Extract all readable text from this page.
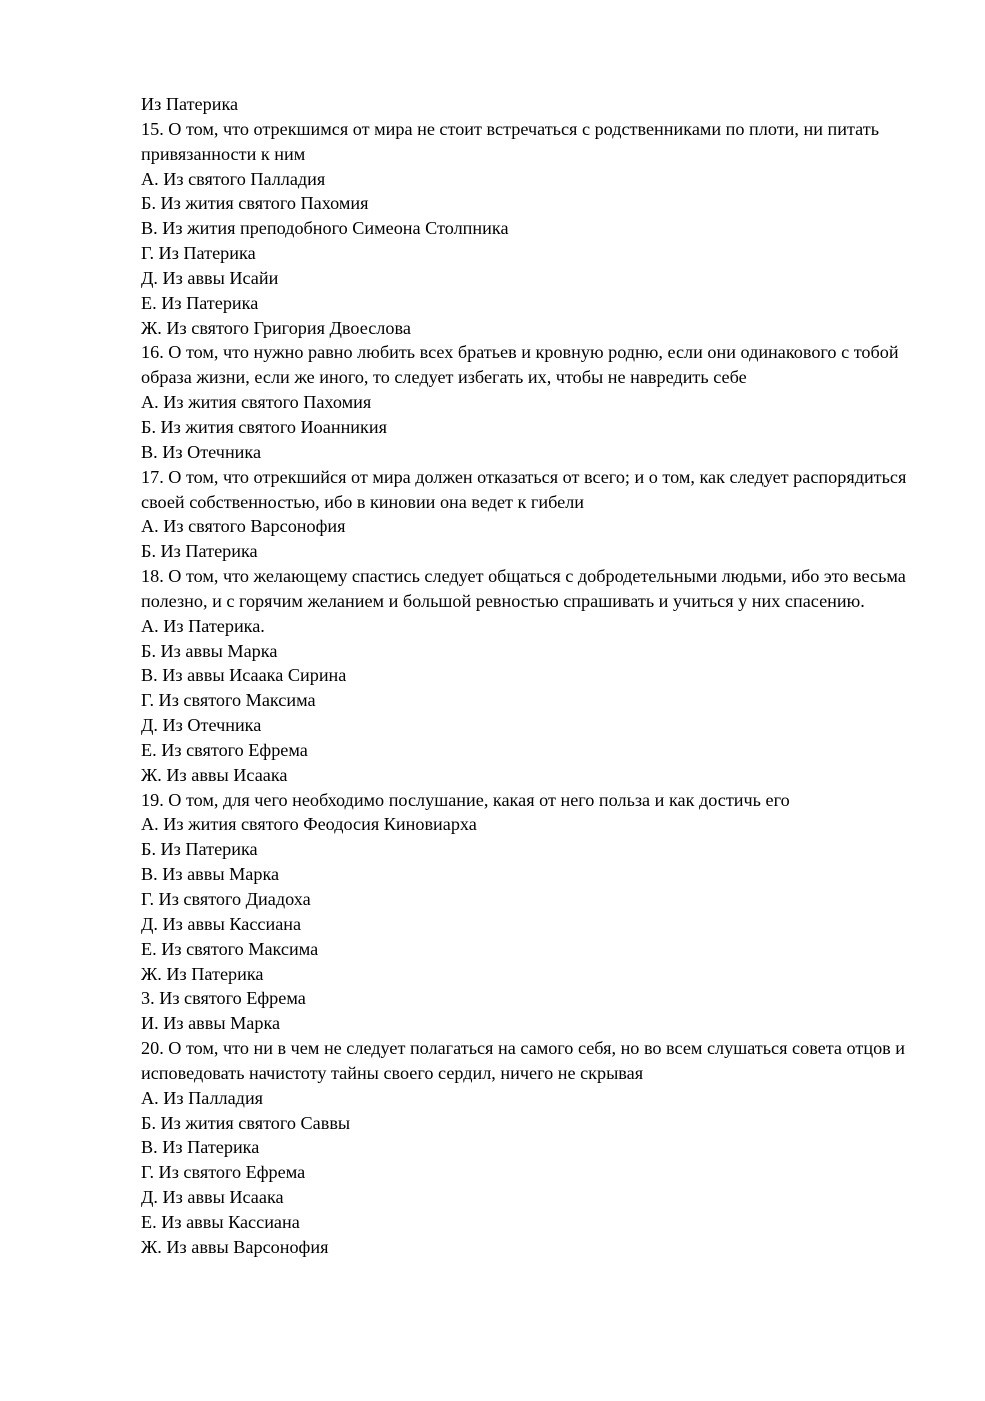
Из Патерика

15. О том, что отрекшимся от мира не стоит встречаться с родственниками по плоти, ни питать привязанности к ним

А. Из святого Палладия

Б. Из жития святого Пахомия

В. Из жития преподобного Симеона Столпника

Г. Из Патерика

Д. Из аввы Исайи

Е. Из Патерика

Ж. Из святого Григория Двоеслова

16. О том, что нужно равно любить всех братьев и кровную родню, если они одинакового с тобой образа жизни, если же иного, то следует избегать их, чтобы не навредить себе

А. Из жития святого Пахомия

Б. Из жития святого Иоанникия

В. Из Отечника

17. О том, что отрекшийся от мира должен отказаться от всего; и о том, как следует распорядиться своей собственностью, ибо в киновии она ведет к гибели

А. Из святого Варсонофия

Б. Из Патерика

18. О том, что желающему спастись следует общаться с добродетельными людьми, ибо это весьма полезно, и с горячим желанием и большой ревностью спрашивать и учиться у них спасению.

А. Из Патерика.

Б. Из аввы Марка

В. Из аввы Исаака Сирина

Г. Из святого Максима

Д. Из Отечника

Е. Из святого Ефрема

Ж. Из аввы Исаака

19. О том, для чего необходимо послушание, какая от него польза и как достичь его

А. Из жития святого Феодосия Киновиарха

Б. Из Патерика

В. Из аввы Марка

Г. Из святого Диадоха

Д. Из аввы Кассиана

Е. Из святого Максима

Ж. Из Патерика

3. Из святого Ефрема

И. Из аввы Марка

20. О том, что ни в чем не следует полагаться на самого себя, но во всем слушаться совета отцов и исповедовать начистоту тайны своего сердил, ничего не скрывая

А. Из Палладия

Б. Из жития святого Саввы

В. Из Патерика

Г. Из святого Ефрема

Д. Из аввы Исаака

Е. Из аввы Кассиана

Ж. Из аввы Варсонофия
